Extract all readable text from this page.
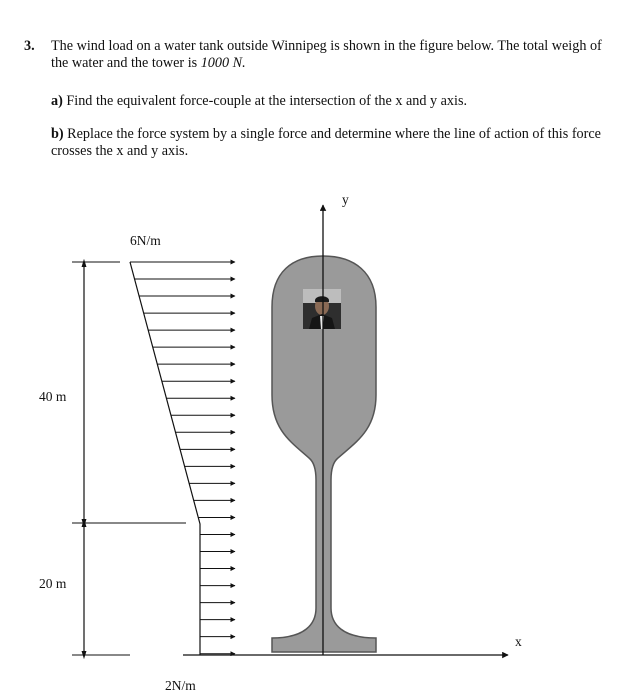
3. The wind load on a water tank outside Winnipeg is shown in the figure below. The total weigh of the water and the tower is 1000 N.
a) Find the equivalent force-couple at the intersection of the x and y axis.
b) Replace the force system by a single force and determine where the line of action of this force crosses the x and y axis.
y
x
6N/m
2N/m
40 m
20 m
